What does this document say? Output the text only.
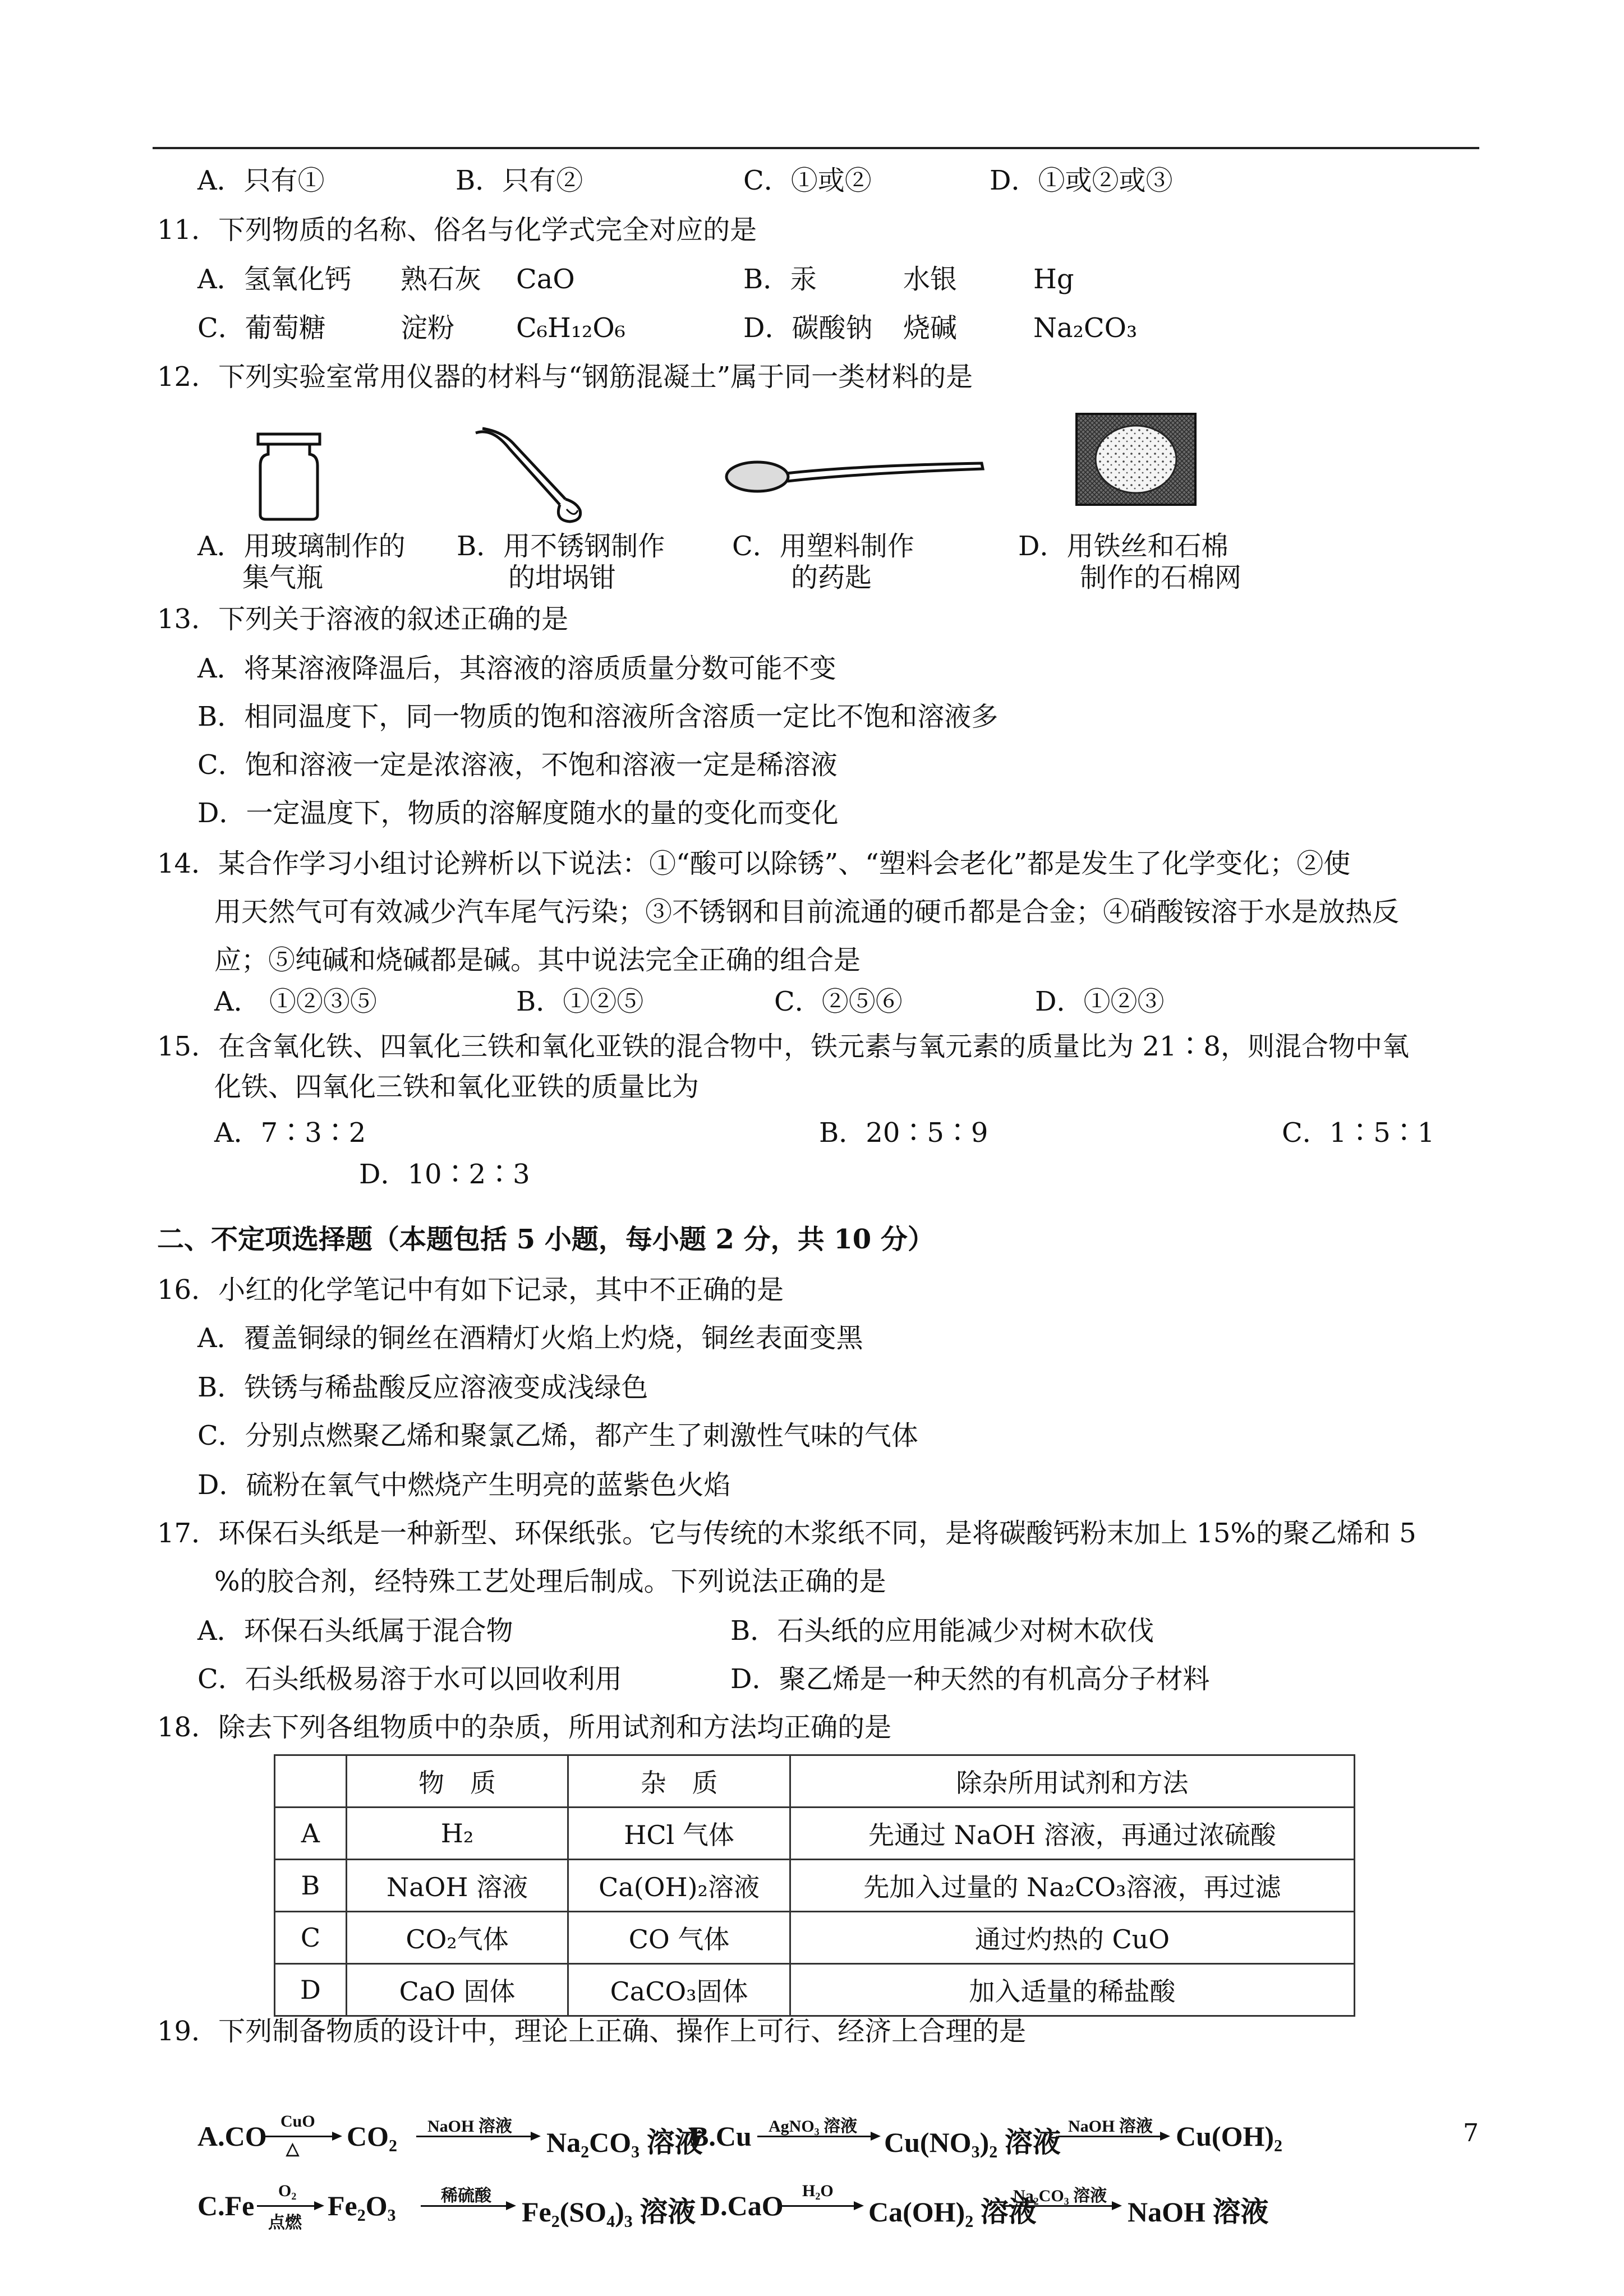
A．只有①	B．只有②	C．①或②	D．①或②或③
11．下列物质的名称、俗名与化学式完全对应的是
A．氢氧化钙 熟石灰 CaO	B．汞	水银	Hg
C．葡萄糖	淀粉 C₆H₁₂O₆	D．碳酸钠 烧碱	Na₂CO₃
12．下列实验室常用仪器的材料与“钢筋混凝土”属于同一类材料的是
A．用玻璃制作的
集气瓶
B．用不锈钢制作
的坩埚钳
C．用塑料制作
的药匙
D．用铁丝和石棉
制作的石棉网
13．下列关于溶液的叙述正确的是
A．将某溶液降温后，其溶液的溶质质量分数可能不变
B．相同温度下，同一物质的饱和溶液所含溶质一定比不饱和溶液多
C．饱和溶液一定是浓溶液，不饱和溶液一定是稀溶液
D．一定温度下，物质的溶解度随水的量的变化而变化
14．某合作学习小组讨论辨析以下说法：①“酸可以除锈”、“塑料会老化”都是发生了化学变化；②使
用天然气可有效减少汽车尾气污染；③不锈钢和目前流通的硬币都是合金；④硝酸铵溶于水是放热反
应；⑤纯碱和烧碱都是碱。其中说法完全正确的组合是
A． ①②③⑤	B．①②⑤	C．②⑤⑥	D．①②③
15．在含氧化铁、四氧化三铁和氧化亚铁的混合物中，铁元素与氧元素的质量比为 21∶8，则混合物中氧
化铁、四氧化三铁和氧化亚铁的质量比为
A．7∶3∶2	B．20∶5∶9	C．1∶5∶1
D．10∶2∶3
二、不定项选择题（本题包括 5 小题，每小题 2 分，共 10 分）
16．小红的化学笔记中有如下记录，其中不正确的是
A．覆盖铜绿的铜丝在酒精灯火焰上灼烧，铜丝表面变黑
B．铁锈与稀盐酸反应溶液变成浅绿色
C．分别点燃聚乙烯和聚氯乙烯，都产生了刺激性气味的气体
D．硫粉在氧气中燃烧产生明亮的蓝紫色火焰
17．环保石头纸是一种新型、环保纸张。它与传统的木浆纸不同，是将碳酸钙粉末加上 15%的聚乙烯和 5
%的胶合剂，经特殊工艺处理后制成。下列说法正确的是
A．环保石头纸属于混合物	B．石头纸的应用能减少对树木砍伐
C．石头纸极易溶于水可以回收利用	D．聚乙烯是一种天然的有机高分子材料
18．除去下列各组物质中的杂质，所用试剂和方法均正确的是
	物　质	杂　质	除杂所用试剂和方法
A	H₂	HCl 气体	先通过 NaOH 溶液，再通过浓硫酸
B	NaOH 溶液	Ca(OH)₂溶液	先加入过量的 Na₂CO₃溶液，再过滤
C	CO₂气体	CO 气体	通过灼热的 CuO
D	CaO 固体	CaCO₃固体	加入适量的稀盐酸
19．下列制备物质的设计中，理论上正确、操作上可行、经济上合理的是
A.CO CuO
△ CO₂ NaOH 溶液
Na₂CO₃ 溶液
B.Cu AgNO₃ 溶液
Cu(NO₃)₂ 溶液
NaOH 溶液 Cu(OH)₂
C.Fe O₂
点燃
Fe₂O₃	稀硫酸
Fe₂(SO₄)₃ 溶液 D.CaO H₂O
Ca(OH)₂ 溶液
Na₂CO₃ 溶液
NaOH 溶液
7
